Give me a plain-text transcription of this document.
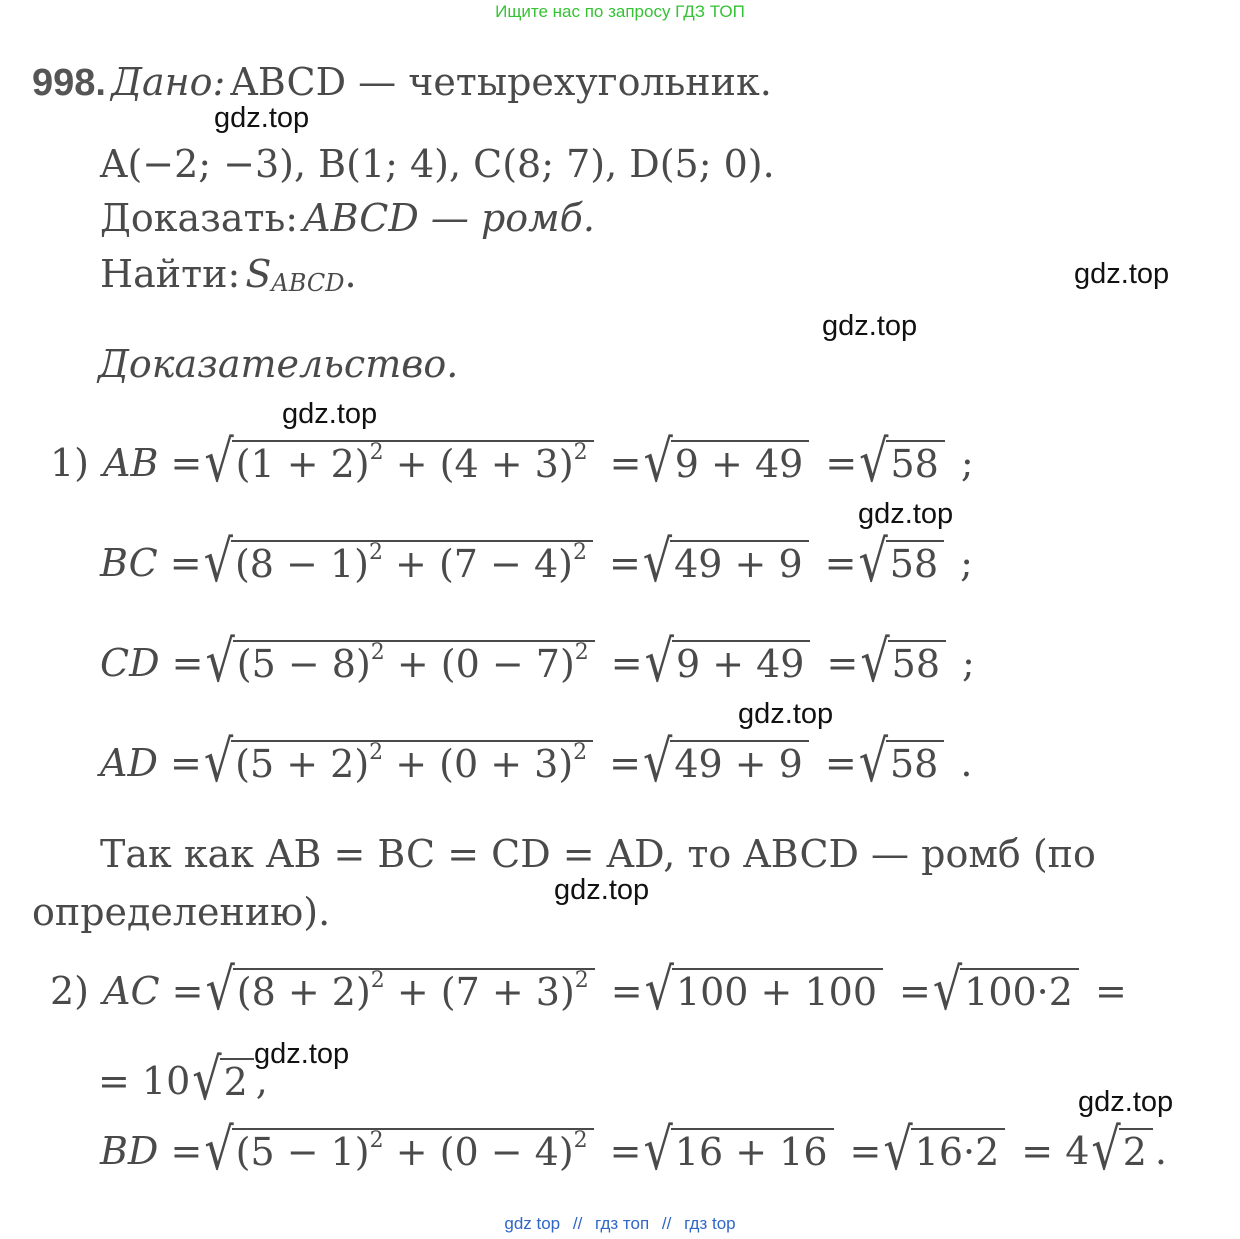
Ищите нас по запросу ГДЗ ТОП
998. Дано: ABCD — четырехугольник.
A(−2; −3), B(1; 4), C(8; 7), D(5; 0).
Доказать: ABCD — ромб.
Найти: $S_{ABCD}$.
Доказательство.
1) AB = √ $(1 + 2)^2 + (4 + 3)^2$ = √ 9 + 49 = √ 58 ;
BC = √ $(8 - 1)^2 + (7 - 4)^2$ = √ 49 + 9 = √ 58 ;
CD = √ $(5 - 8)^2 + (0 - 7)^2$ = √ 9 + 49 = √ 58 ;
AD = √ $(5 + 2)^2 + (0 + 3)^2$ = √ 49 + 9 = √ 58 .
Так как AB = BC = CD = AD, то ABCD — ромб (по
определению).
2) AC = √ $(8 + 2)^2 + (7 + 3)^2$ = √ 100 + 100 = √ 100·2 =
= 10 √ 2 ,
BD = √ $(5 - 1)^2 + (0 - 4)^2$ = √ 16 + 16 = √ 16·2 = 4 √ 2 .
gdz.top
gdz.top
gdz.top
gdz.top
gdz.top
gdz.top
gdz.top
gdz.top
gdz.top
gdz top // гдз топ // гдз top
